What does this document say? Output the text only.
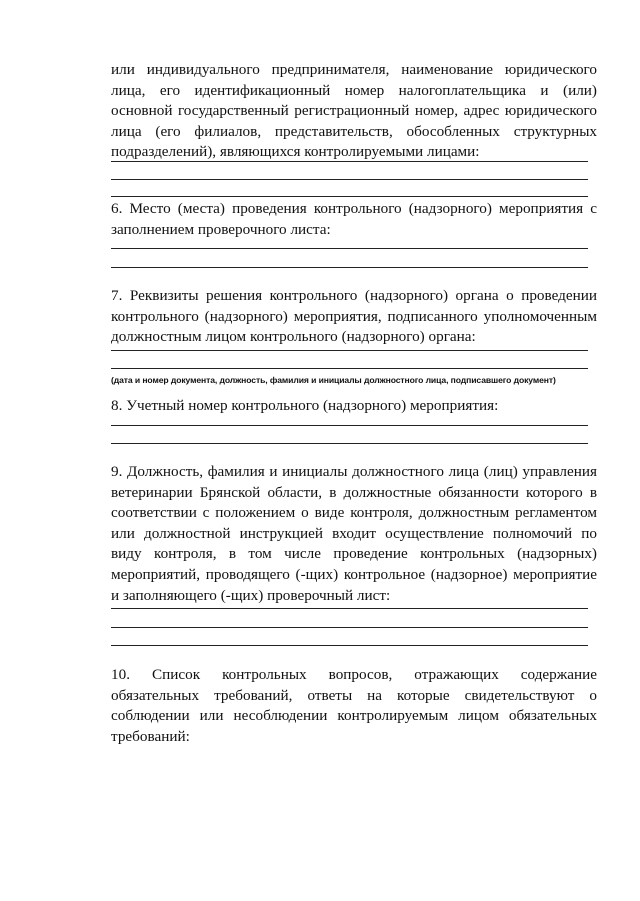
или индивидуального предпринимателя, наименование юридического лица, его идентификационный номер налогоплательщика и (или) основной государственный регистрационный номер, адрес юридического лица (его филиалов, представительств, обособленных структурных подразделений), являющихся контролируемыми лицами:
6. Место (места) проведения контрольного (надзорного) мероприятия с заполнением проверочного листа:
7. Реквизиты решения контрольного (надзорного) органа о проведении контрольного (надзорного) мероприятия, подписанного уполномоченным должностным лицом контрольного (надзорного) органа:
(дата и номер документа, должность, фамилия и инициалы должностного лица, подписавшего документ)
8. Учетный номер контрольного (надзорного) мероприятия:
9. Должность, фамилия и инициалы должностного лица (лиц) управления ветеринарии Брянской области, в должностные обязанности которого в соответствии с положением о виде контроля, должностным регламентом или должностной инструкцией входит осуществление полномочий по виду контроля, в том числе проведение контрольных (надзорных) мероприятий, проводящего (-щих) контрольное (надзорное) мероприятие и заполняющего (-щих) проверочный лист:
10. Список контрольных вопросов, отражающих содержание обязательных требований, ответы на которые свидетельствуют о соблюдении или несоблюдении контролируемым лицом обязательных требований:
